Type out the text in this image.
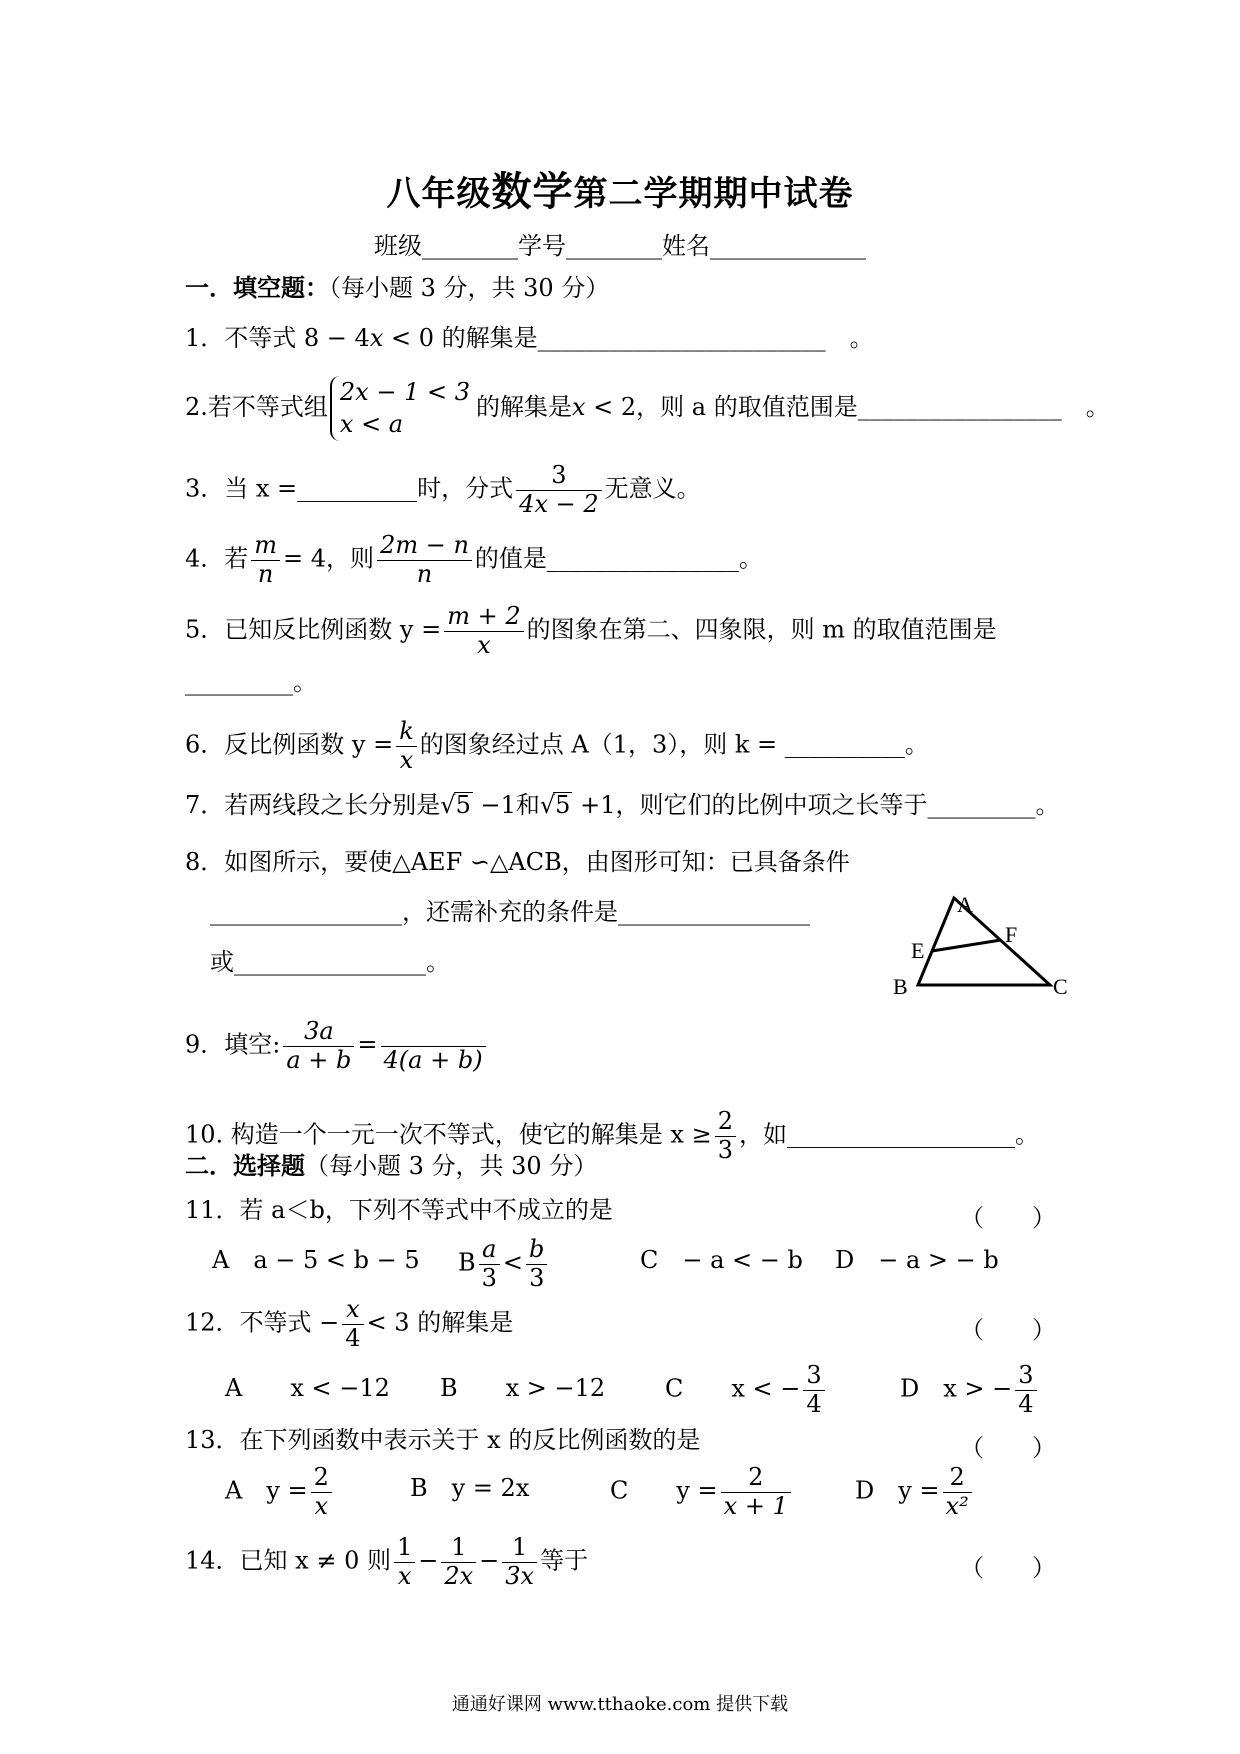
八年级数学第二学期期中试卷
班级________学号________姓名_____________
一．填空题：（每小题 3 分，共 30 分）
1．不等式 8 − 4x < 0 的解集是________________________　。
2.若不等式组
2x − 1 < 3
x < a
的解集是x < 2，则 a 的取值范围是_________________　。
3．当 x =__________时，分式 $\frac{3}{4x - 2}$ 无意义。
4．若 $\frac{m}{n} = 4$，则 $\frac{2m - n}{n}$ 的值是________________。
5．已知反比例函数 $y = \frac{m + 2}{x}$ 的图象在第二、四象限，则 m 的取值范围是
_________。
6．反比例函数 $y = \frac{k}{x}$ 的图象经过点 A（1，3），则 k = __________。
7．若两线段之长分别是√5 −1和√5 +1，则它们的比例中项之长等于_________。
8．如图所示，要使△AEF ∽△ACB，由图形可知：已具备条件
________________，还需补充的条件是________________
或________________。
A
F
E
B	C
9．填空: $\frac{3a}{a + b}$ =
4(a + b)
10. 构造一个一元一次不等式，使它的解集是 $x \ge \frac{2}{3}$ ，如___________________。
二．选择题（每小题 3 分，共 30 分）
11．若 a＜b，下列不等式中不成立的是	（　　）
A　a − 5 < b − 5 B $\frac{a}{3} < \frac{b}{3}$	C　− a < − b D　− a > − b
12．不等式 − $\frac{x}{4} < 3$ 的解集是	（　　）
A　　x < −12 B　　x > −12 C　　x < − $\frac{3}{4}$	D　x > − $\frac{3}{4}$
13．在下列函数中表示关于 x 的反比例函数的是	（　　）
A　$y = \frac{2}{x}$	B　y = 2x	C　　$y = \frac{2}{x + 1}$	D　$y = \frac{2}{\text{x²}}$
14．已知 x ≠ 0 则 $\frac{1}{x} - \frac{1}{2x} - \frac{1}{3x}$ 等于	（　　）
通通好课网 www.tthaoke.com 提供下载
